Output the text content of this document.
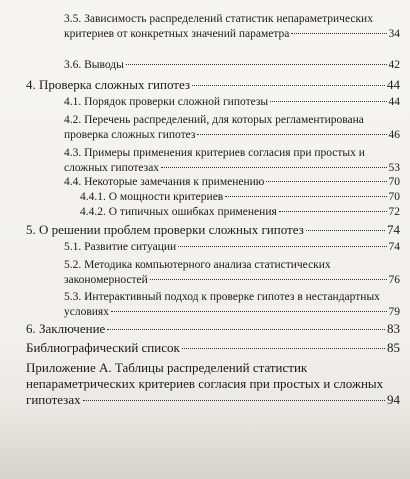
3.5. Зависимость распределений статистик непараметрических
критериев от конкретных значений параметра	34
3.6. Выводы	42
4. Проверка сложных гипотез	44
4.1. Порядок проверки сложной гипотезы	44
4.2. Перечень распределений, для которых регламентирована
проверка сложных гипотез	46
4.3. Примеры применения критериев согласия при простых и
сложных гипотезах	53
4.4. Некоторые замечания к применению	70
4.4.1. О мощности критериев	70
4.4.2. О типичных ошибках применения	72
5. О решении проблем проверки сложных гипотез	74
5.1. Развитие ситуации	74
5.2. Методика компьютерного анализа статистических
закономерностей	76
5.3. Интерактивный подход к проверке гипотез в нестандартных
условиях	79
6. Заключение	83
Библиографический список	85
Приложение А. Таблицы распределений статистик
непараметрических критериев согласия при простых и сложных
гипотезах	94
